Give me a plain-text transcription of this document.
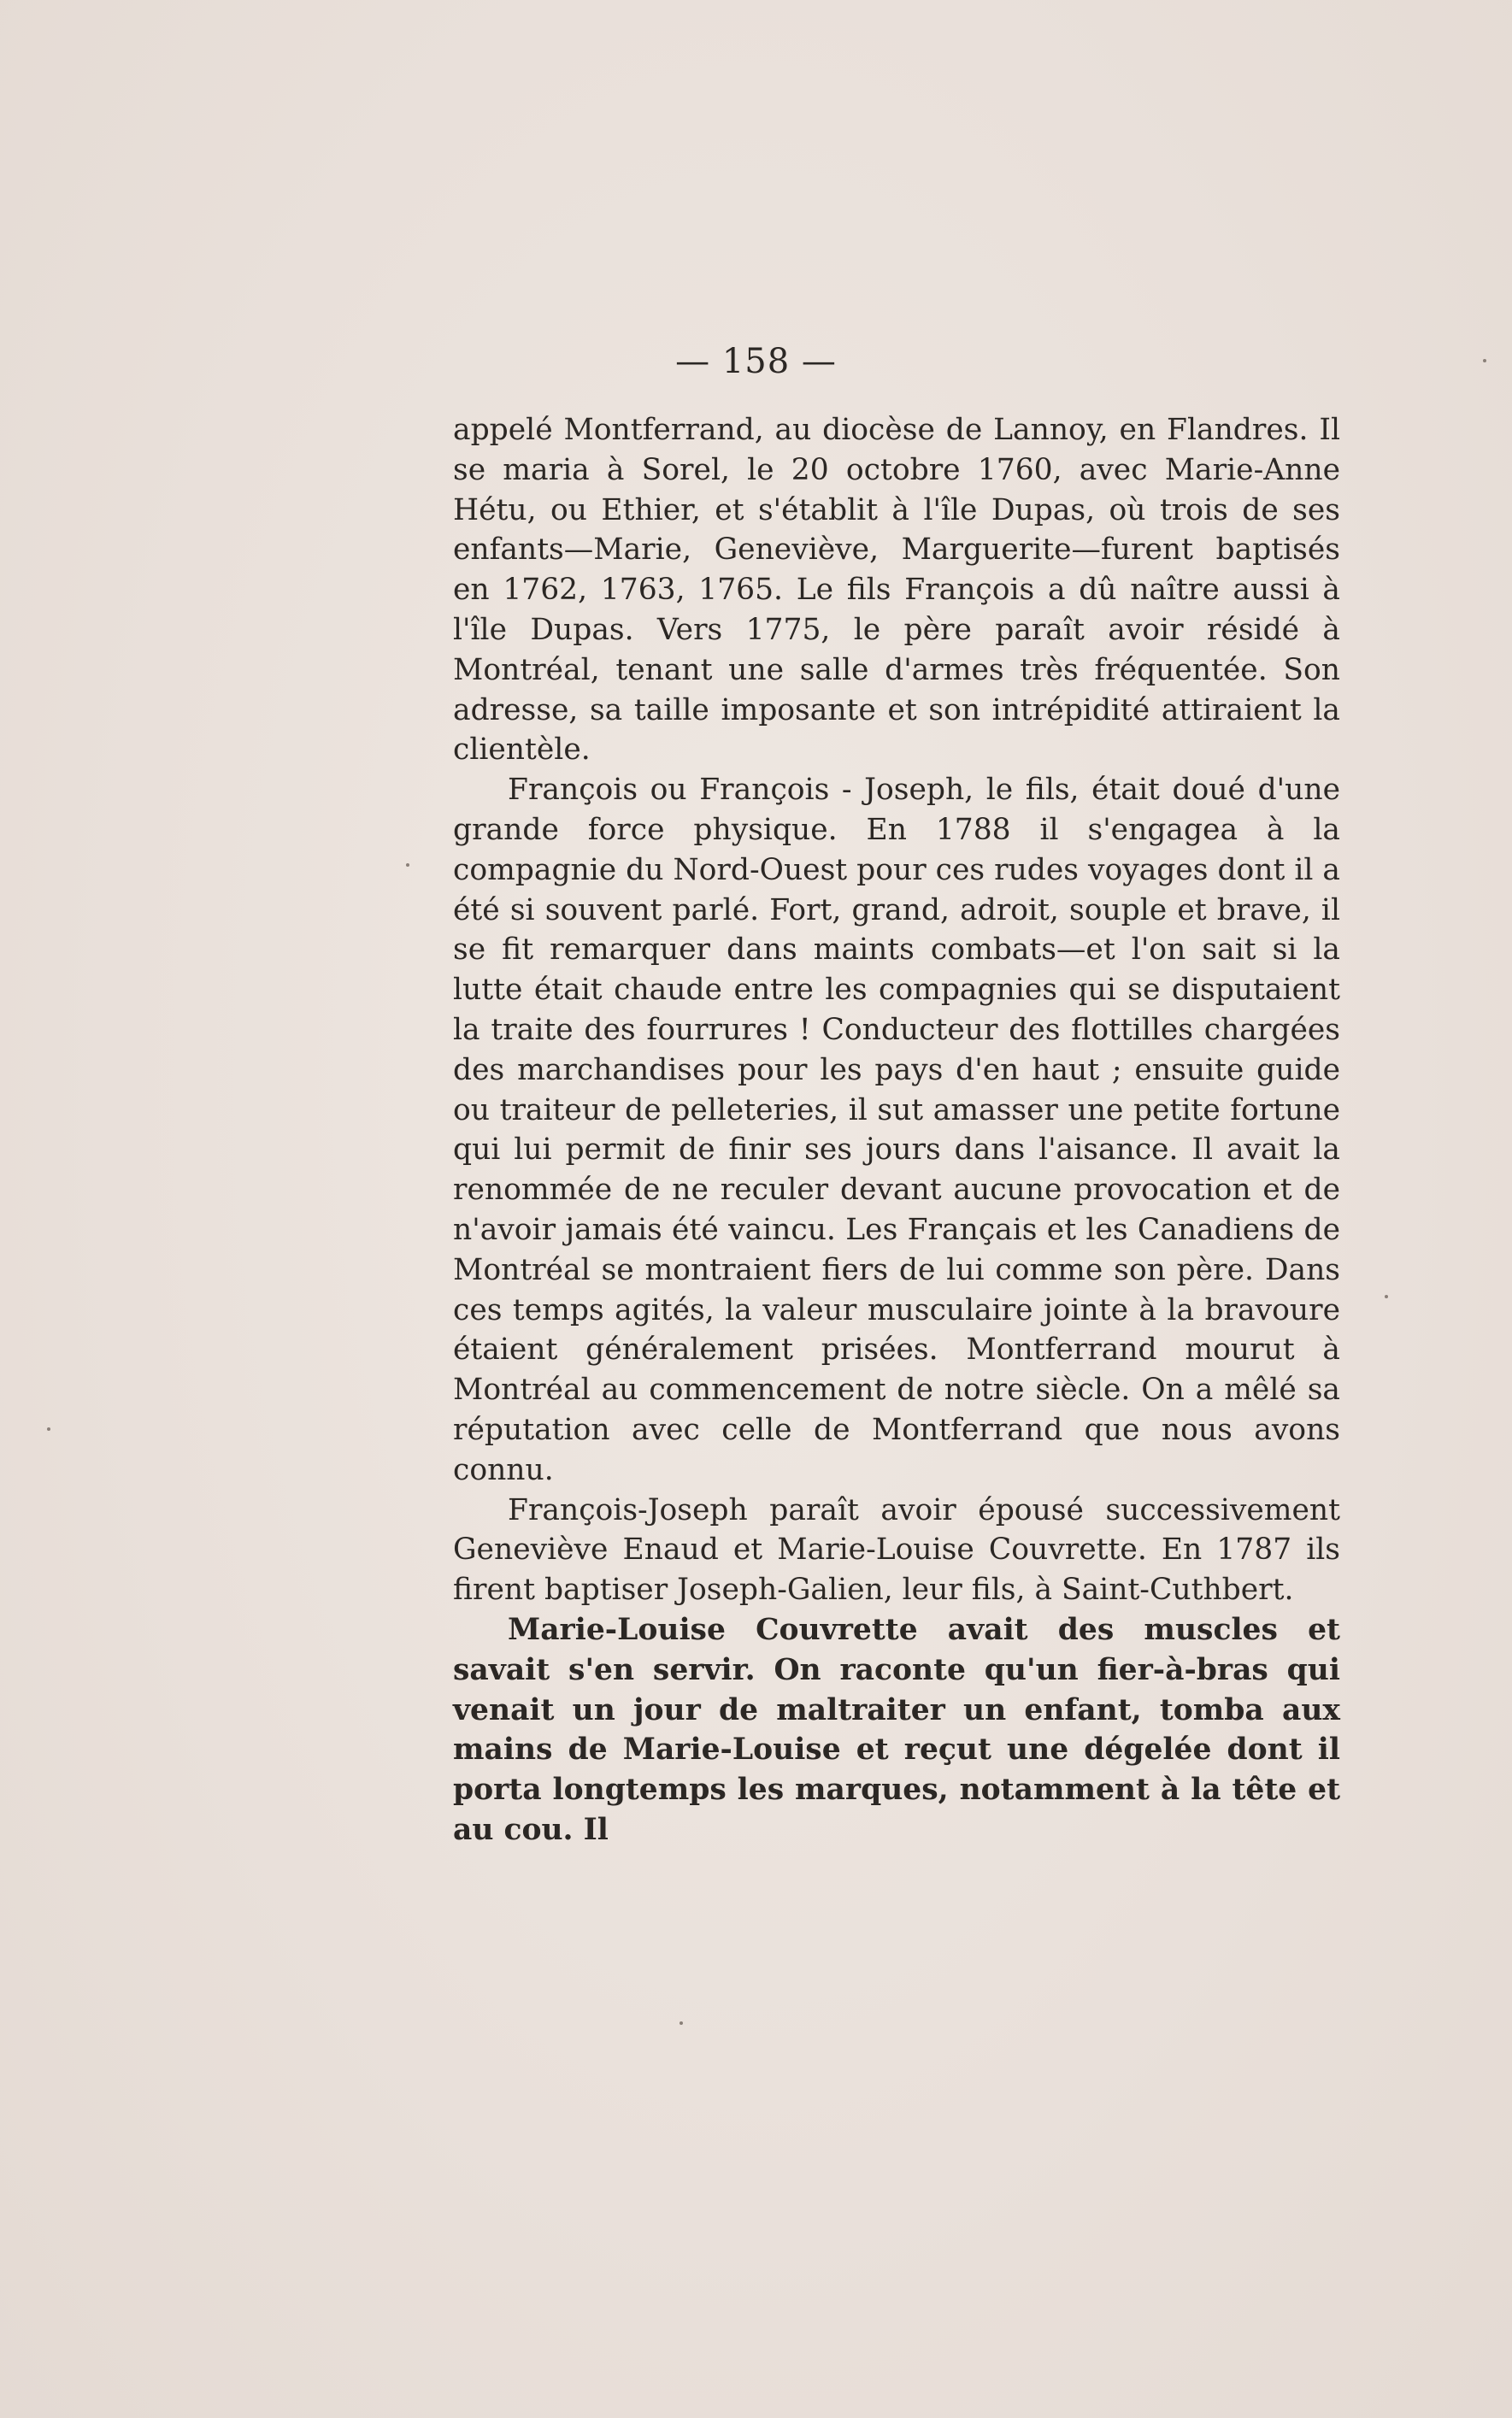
— 158 —

appelé Montferrand, au diocèse de Lannoy, en Flandres. Il se maria à Sorel, le 20 octobre 1760, avec Marie-Anne Hétu, ou Ethier, et s'établit à l'île Dupas, où trois de ses enfants—Marie, Geneviève, Marguerite—furent baptisés en 1762, 1763, 1765. Le fils François a dû naître aussi à l'île Dupas. Vers 1775, le père paraît avoir résidé à Montréal, tenant une salle d'armes très fréquentée. Son adresse, sa taille imposante et son intrépidité attiraient la clientèle.

François ou François - Joseph, le fils, était doué d'une grande force physique. En 1788 il s'engagea à la compagnie du Nord-Ouest pour ces rudes voyages dont il a été si souvent parlé. Fort, grand, adroit, souple et brave, il se fit remarquer dans maints combats—et l'on sait si la lutte était chaude entre les compagnies qui se disputaient la traite des fourrures ! Conducteur des flottilles chargées des marchandises pour les pays d'en haut ; ensuite guide ou traiteur de pelleteries, il sut amasser une petite fortune qui lui permit de finir ses jours dans l'aisance. Il avait la renommée de ne reculer devant aucune provocation et de n'avoir jamais été vaincu. Les Français et les Canadiens de Montréal se montraient fiers de lui comme son père. Dans ces temps agités, la valeur musculaire jointe à la bravoure étaient généralement prisées. Montferrand mourut à Montréal au commencement de notre siècle. On a mêlé sa réputation avec celle de Montferrand que nous avons connu.

François-Joseph paraît avoir épousé successivement Geneviève Enaud et Marie-Louise Couvrette. En 1787 ils firent baptiser Joseph-Galien, leur fils, à Saint-Cuthbert.

Marie-Louise Couvrette avait des muscles et savait s'en servir. On raconte qu'un fier-à-bras qui venait un jour de maltraiter un enfant, tomba aux mains de Marie-Louise et reçut une dégelée dont il porta longtemps les marques, notamment à la tête et au cou. Il
